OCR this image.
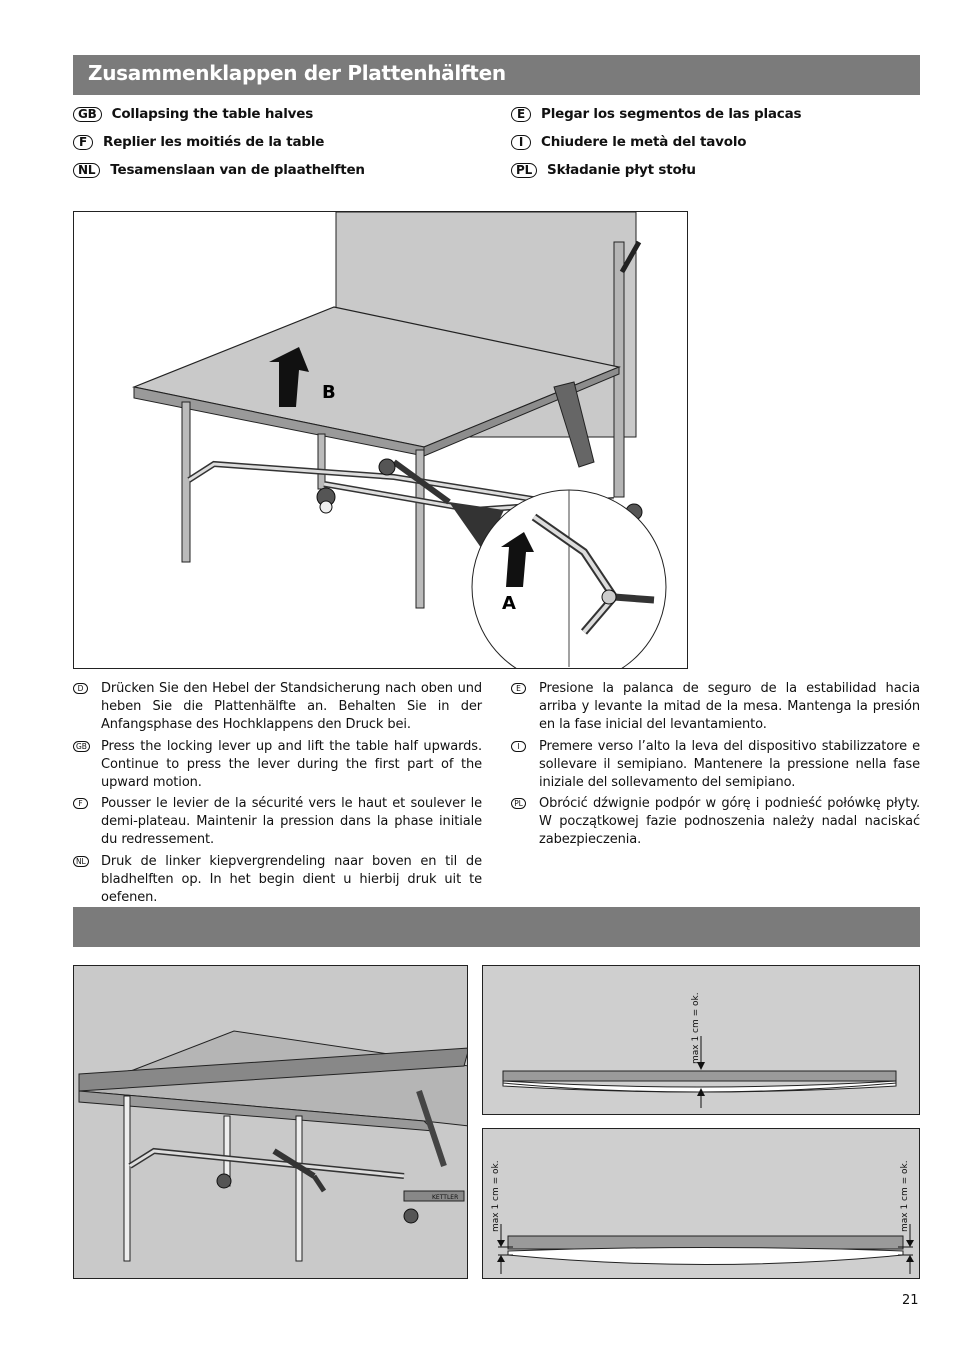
Zusammenklappen der Plattenhälften
GB	Collapsing the table halves
F	Replier les moitiés de la table
NL	Tesamenslaan van de plaathelften
E	Plegar los segmentos de las placas
I	Chiudere le metà del tavolo
PL	Składanie płyt stołu
B
A
D	Drücken Sie den Hebel der Standsicherung nach oben und heben Sie die Plattenhälfte an. Behalten Sie in der Anfangsphase des Hochklappens den Druck bei.
GB Press the locking lever up and lift the table half upwards. Continue to press the lever during the first part of the upward motion.
F	Pousser le levier de la sécurité vers le haut et soulever le demi-plateau. Maintenir la pression dans la phase initiale du redressement.
NL Druk de linker kiepvergrendeling naar boven en til de bladhelften op. In het begin dient u hierbij druk uit te oefenen.
E	Presione la palanca de seguro de la estabilidad hacia arriba y levante la mitad de la mesa. Mantenga la presión en la fase inicial del levantamiento.
I	Premere verso l’alto la leva del dispositivo stabilizzatore e sollevare il semipiano. Mantenere la pressione nella fase iniziale del sollevamento del semipiano.
PL Obrócić dźwignie podpór w górę i podnieść połówkę płyty. W początkowej fazie podnoszenia należy nadal naciskać zabezpieczenia.
KETTLER
max 1 cm = ok.
max 1 cm = ok.	max 1 cm = ok.
21
